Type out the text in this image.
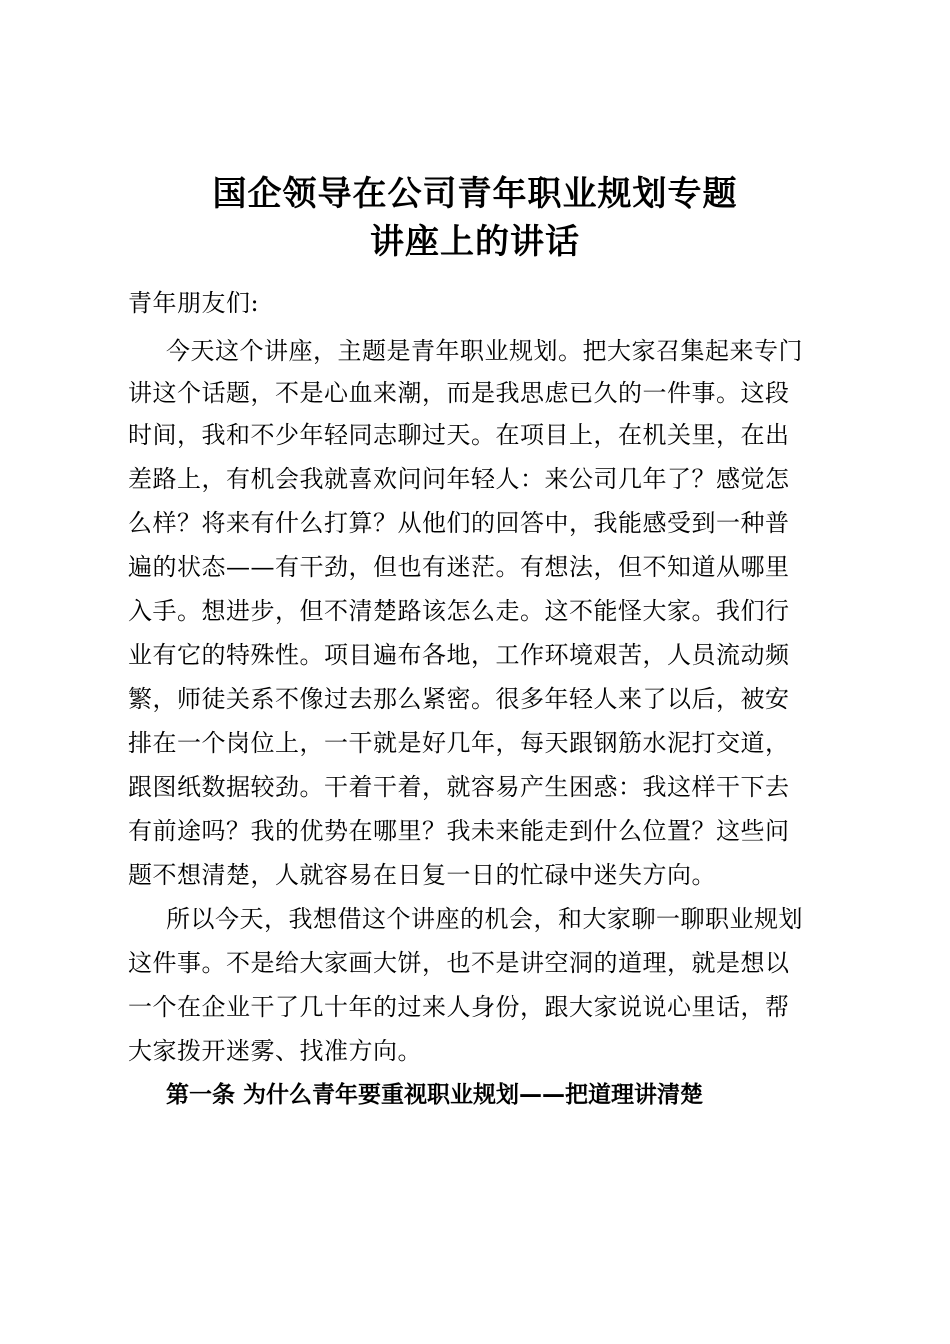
国企领导在公司青年职业规划专题
讲座上的讲话
青年朋友们:
今天这个讲座，主题是青年职业规划。把大家召集起来专门
讲这个话题，不是心血来潮，而是我思虑已久的一件事。这段
时间，我和不少年轻同志聊过天。在项目上，在机关里，在出
差路上，有机会我就喜欢问问年轻人：来公司几年了？感觉怎
么样？将来有什么打算？从他们的回答中，我能感受到一种普
遍的状态——有干劲，但也有迷茫。有想法，但不知道从哪里
入手。想进步，但不清楚路该怎么走。这不能怪大家。我们行
业有它的特殊性。项目遍布各地，工作环境艰苦，人员流动频
繁，师徒关系不像过去那么紧密。很多年轻人来了以后，被安
排在一个岗位上，一干就是好几年，每天跟钢筋水泥打交道，
跟图纸数据较劲。干着干着，就容易产生困惑：我这样干下去
有前途吗？我的优势在哪里？我未来能走到什么位置？这些问
题不想清楚，人就容易在日复一日的忙碌中迷失方向。
所以今天，我想借这个讲座的机会，和大家聊一聊职业规划
这件事。不是给大家画大饼，也不是讲空洞的道理，就是想以
一个在企业干了几十年的过来人身份，跟大家说说心里话，帮
大家拨开迷雾、找准方向。
第一条 为什么青年要重视职业规划——把道理讲清楚
